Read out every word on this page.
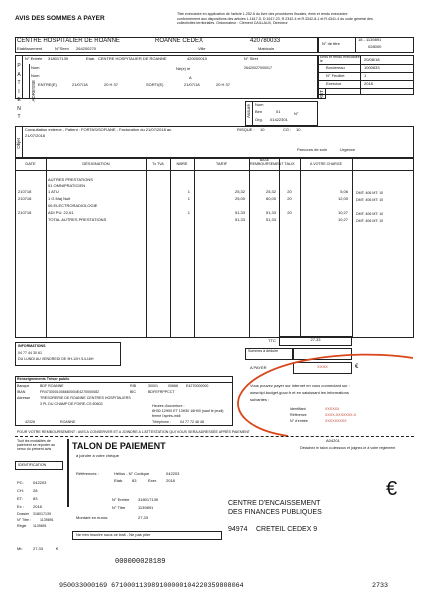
AVIS DES SOMMES A PAYER
Titre exécutoire en application de l'article L.252 A du livre des procédures fiscales, émis et rendu exécutoire
conformément aux dispositions des articles L.1617-5, D.1617-23, R.2342-4 et R.3342-8-1 et R.4341-4 du code général des
collectivités territoriales. Ordonnateur : Clément CAILLAUX, Directeur
CENTRE HOSPITALIER DE ROANNE	ROANNE CEDEX	420780033
Etablissement	N°Siren 264200270	Ville	Matricule
N° de titre
18 - 1139891
028000
P
A
T
I
E
N
T
ADRESSE
N° Entrée 318017139	Etab. CENTRE HOSPITALIER DE ROANNE	420000010	N° Siret
26420027000017
Nom	Né(e) le
Nom	A
ENTRE(E)	21/07/18	20 H 37	SORTI(E)	21/07/18	20 H 37
Emis et rendu exécutoire le	20/08/18
Bordereau	1000833
N° Feuillet	1
Exercice	2018
RDT
Assuré Nom
Ben	01	N°
Org. 01422301
Objet
Consultation externe - Patient : FORTAS/SOFIANE - Facturation du 21/07/2018 au
21/07/2018
RISQUE : 10	CG : 10
Parcours de soin	Urgence
DATE	DÉSIGNATION	Tx TVA	NBRE	TARIF
BASE REMBOURSEMENT TAUX	A VOTRE CHARGE
AUTRES PRESTATIONS
01 OMNIPRATICIEN
210718	1 ATU	1	25,32	25,32	20	5,06 DMT: 406 MT: 10
210718	1 G Maj Nuit	1	25,00	60,00	20	12,00 DMT: 406 MT: 10
06 ELECTRORADIOLOGIE
210718	ADI PU: 22,61	1	51,33	51,33	20	10,27 DMT: 406 MT: 10
TOTAL AUTRES PRESTATIONS	51,33	51,33	10,27 DMT: 406 MT: 10
TTC	27,33
INFORMATIONS
04 77 44 30 61
DU LUNDI AU VENDREDI DE 9H-12H /14-16H
Sommes à déduire
A PAYER	XXXX	€
Renseignements Trésor public
Banque	BDF ROANNE	RIB	30001	00666 E4270000000
IBAN	FR4730001006660004E4270000082	BIC	BDFEFRPPCCT
Adresse	TRESORERIE DE ROANNE CENTRES HOSPITALIERS
3 PL DU CHAMP DE FOIRE-CS 60603	Heures d'ouverture :
8H30 12H00 ET 13H30 16H00 (sauf le jeudi)
fermé l'après-midi
42328	ROANNE	Téléphone :	04 77 72 46 48
Vous pouvez payer sur internet en vous connectant sur :
www.tipi.budget.gouv.fr et en saisissant les informations
suivantes :
Identifiant	XXXXXX
Référence	XXXX-XXXXXXX-X
N° d'entrée	XXXXXXXXX
POUR VOTRE REMBOURSEMENT : AVIS A CONSERVER ET A JOINDRE A L'ATTESTATION QUI VOUS SERA ADRESSÉE APRÈS PAIEMENT
Tout les modalités de
paiement se reporter au
verso du présent avis
A04201
Détachez le talon ci-dessous et joignez-le à votre règlement
TALON DE PAIEMENT
à joindre à votre chèque
IDENTIFICATION
PC: 042203
CH: 28
ET:	83
Ex : 2018
Dossier 318017139
N° Titre : 1139891
Régie 1139891
Mt:	27,33	€
Références :	Hélios - N° Codique	042203
Etab. 83	Exer. 2018
N° Entrée 318017139
N° Titre	1139891
Montant en euros:	27,33
Ne rien inscrire sous ce trait - Ne pas plier
€
CENTRE D'ENCAISSEMENT
DES FINANCES PUBLIQUES
94974 CRETEIL CEDEX 9
000000028189
950033000169 671000113989100000104220359808064	2733
